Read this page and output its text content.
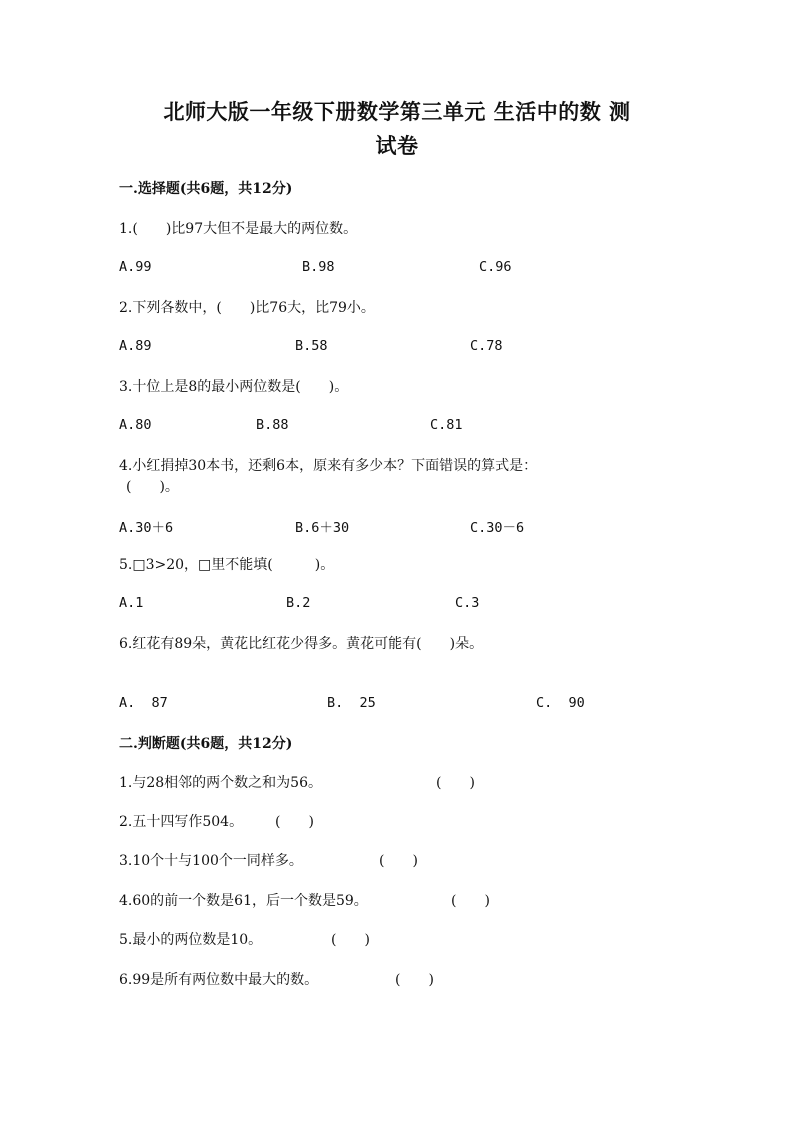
北师大版一年级下册数学第三单元 生活中的数 测
试卷
一.选择题(共6题，共12分)
1.(　　)比97大但不是最大的两位数。
A.99	B.98	C.96
2.下列各数中，(　　)比76大，比79小。
A.89	B.58	C.78
3.十位上是8的最小两位数是(　　)。
A.80	B.88	C.81
4.小红捐掉30本书，还剩6本，原来有多少本？下面错误的算式是：
(　　)。
A.30＋6	B.6＋30	C.30－6
5.□3>20，□里不能填(　　　)。
A.1	B.2	C.3
6.红花有89朵，黄花比红花少得多。黄花可能有(　　)朵。
A.  87	B.  25	C.  90
二.判断题(共6题，共12分)
1.与28相邻的两个数之和为56。	(　　)
2.五十四写作504。 (　　)
3.10个十与100个一同样多。	(　　)
4.60的前一个数是61，后一个数是59。	(　　)
5.最小的两位数是10。	(　　)
6.99是所有两位数中最大的数。	(　　)
